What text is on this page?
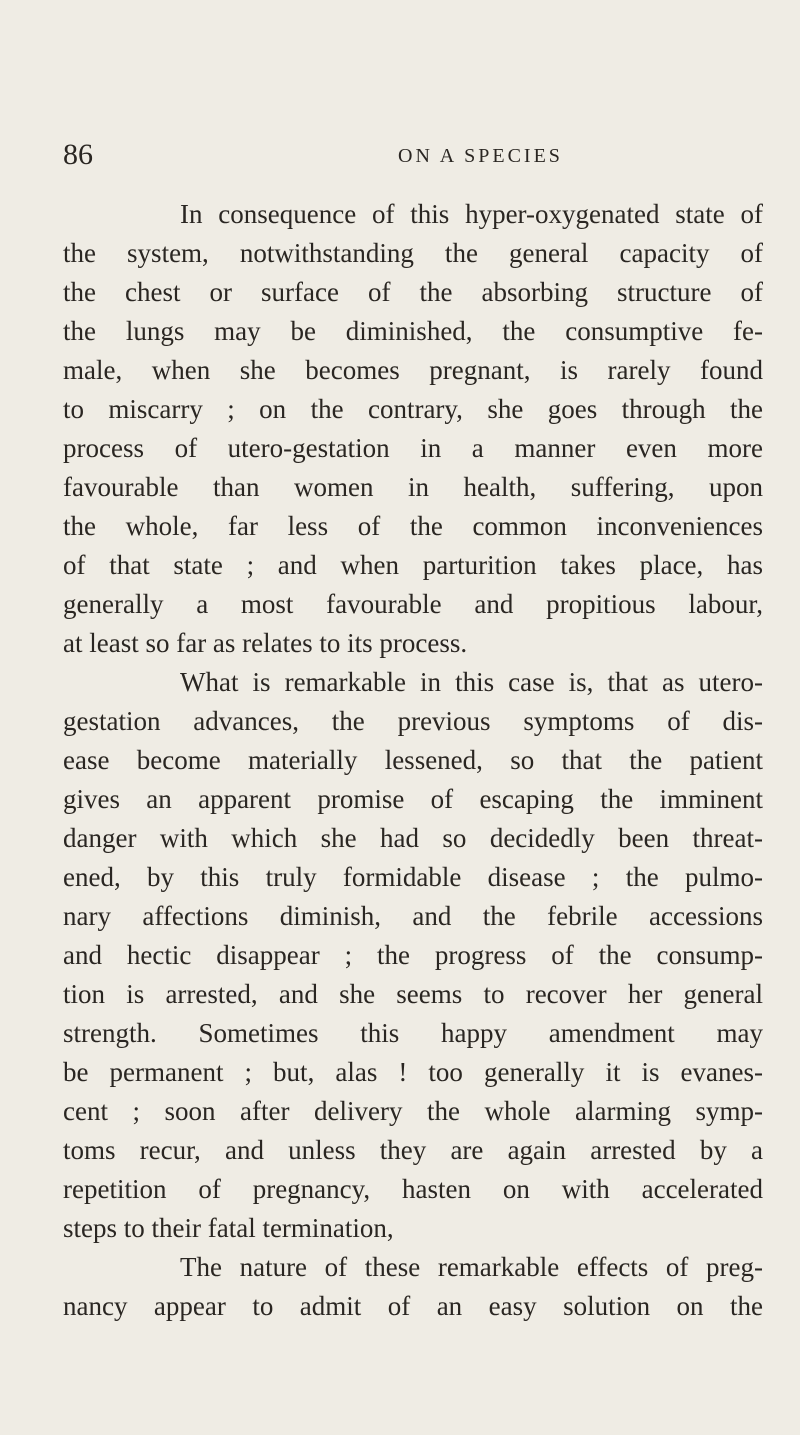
86	ON A SPECIES
In consequence of this hyper-oxygenated state of
the system, notwithstanding the general capacity of
the chest or surface of the absorbing structure of
the lungs may be diminished, the consumptive fe-
male, when she becomes pregnant, is rarely found
to miscarry ; on the contrary, she goes through the
process of utero-gestation in a manner even more
favourable than women in health, suffering, upon
the whole, far less of the common inconveniences
of that state ; and when parturition takes place, has
generally a most favourable and propitious labour,
at least so far as relates to its process.
What is remarkable in this case is, that as utero-
gestation advances, the previous symptoms of dis-
ease become materially lessened, so that the patient
gives an apparent promise of escaping the imminent
danger with which she had so decidedly been threat-
ened, by this truly formidable disease ; the pulmo-
nary affections diminish, and the febrile accessions
and hectic disappear ; the progress of the consump-
tion is arrested, and she seems to recover her general
strength. Sometimes this happy amendment may
be permanent ; but, alas ! too generally it is evanes-
cent ; soon after delivery the whole alarming symp-
toms recur, and unless they are again arrested by a
repetition of pregnancy, hasten on with accelerated
steps to their fatal termination,
The nature of these remarkable effects of preg-
nancy appear to admit of an easy solution on the
